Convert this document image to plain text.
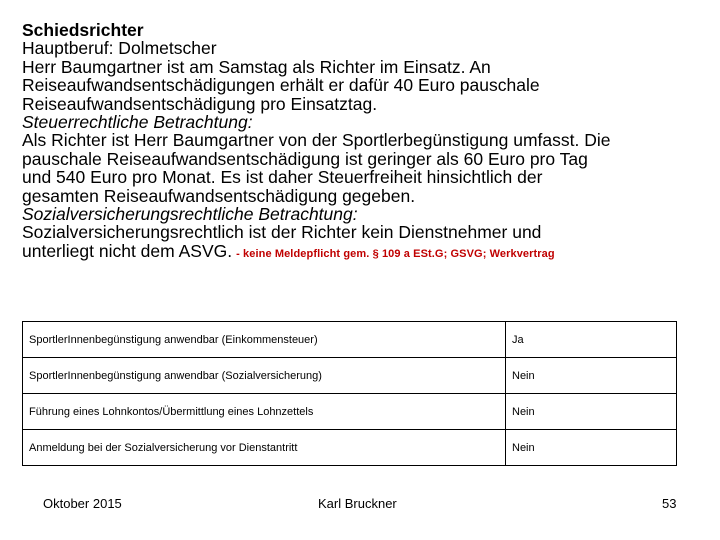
Schiedsrichter
Hauptberuf: Dolmetscher
Herr Baumgartner ist am Samstag als Richter im Einsatz. An
Reiseaufwandsentschädigungen erhält er dafür 40 Euro pauschale
Reiseaufwandsentschädigung pro Einsatztag.
Steuerrechtliche Betrachtung:
Als Richter ist Herr Baumgartner von der Sportlerbegünstigung umfasst. Die
pauschale Reiseaufwandsentschädigung ist geringer als 60 Euro pro Tag
und 540 Euro pro Monat. Es ist daher Steuerfreiheit hinsichtlich der
gesamten Reiseaufwandsentschädigung gegeben.
Sozialversicherungsrechtliche Betrachtung:
Sozialversicherungsrechtlich ist der Richter kein Dienstnehmer und
unterliegt nicht dem ASVG. - keine Meldepflicht gem. § 109 a ESt.G; GSVG; Werkvertrag
SportlerInnenbegünstigung anwendbar (Einkommensteuer)	Ja
SportlerInnenbegünstigung anwendbar (Sozialversicherung)	Nein
Führung eines Lohnkontos/Übermittlung eines Lohnzettels	Nein
Anmeldung bei der Sozialversicherung vor Dienstantritt	Nein
Oktober 2015	Karl Bruckner	53
